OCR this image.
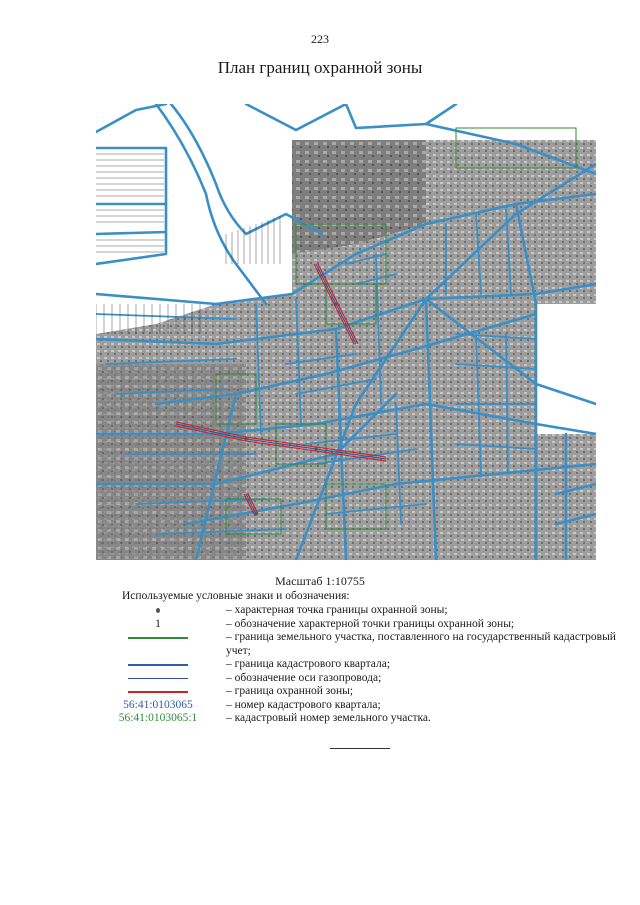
223
План границ охранной зоны
Масштаб 1:10755
Используемые условные знаки и обозначения:
– характерная точка границы охранной зоны;
1	– обозначение характерной точки границы охранной зоны;
– граница земельного участка, поставленного на государственный кадастровый учет;
– граница кадастрового квартала;
– обозначение оси газопровода;
– граница охранной зоны;
56:41:0103065	– номер кадастрового квартала;
56:41:0103065:1	– кадастровый номер земельного участка.
